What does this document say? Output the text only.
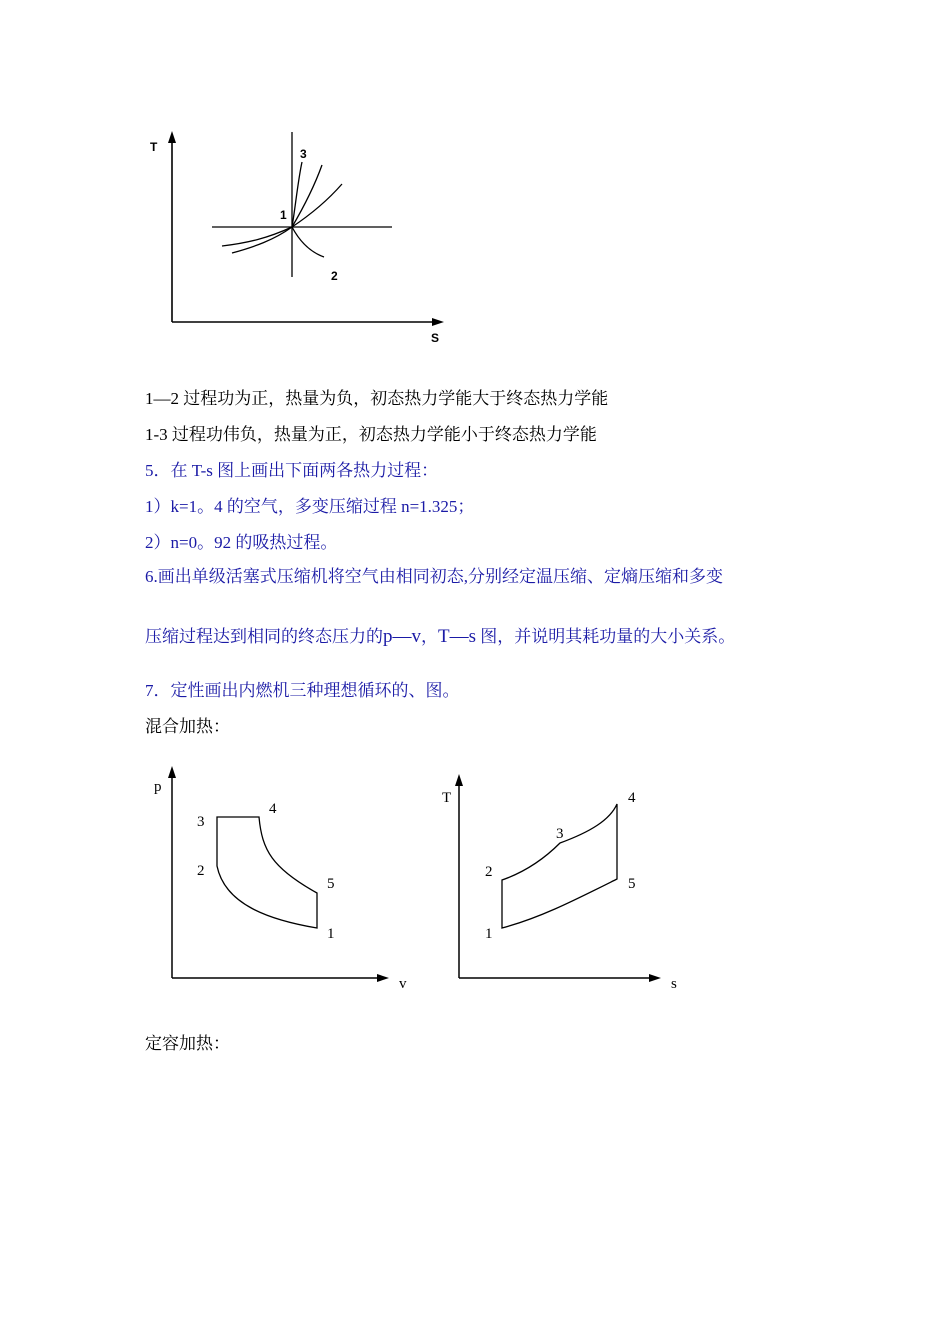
T
S
1
2
3
1—2 过程功为正，热量为负，初态热力学能大于终态热力学能
1-3 过程功伟负，热量为正，初态热力学能小于终态热力学能
5．在 T-s 图上画出下面两各热力过程：
1）k=1。4 的空气，多变压缩过程 n=1.325；
2）n=0。92 的吸热过程。
6.画出单级活塞式压缩机将空气由相同初态,分别经定温压缩、定熵压缩和多变
压缩过程达到相同的终态压力的p—v，T—s 图，并说明其耗功量的大小关系。
7．定性画出内燃机三种理想循环的、图。
混合加热：
p
v
1
2
3
4
5
T
s
1
2
3
4
5
定容加热：
